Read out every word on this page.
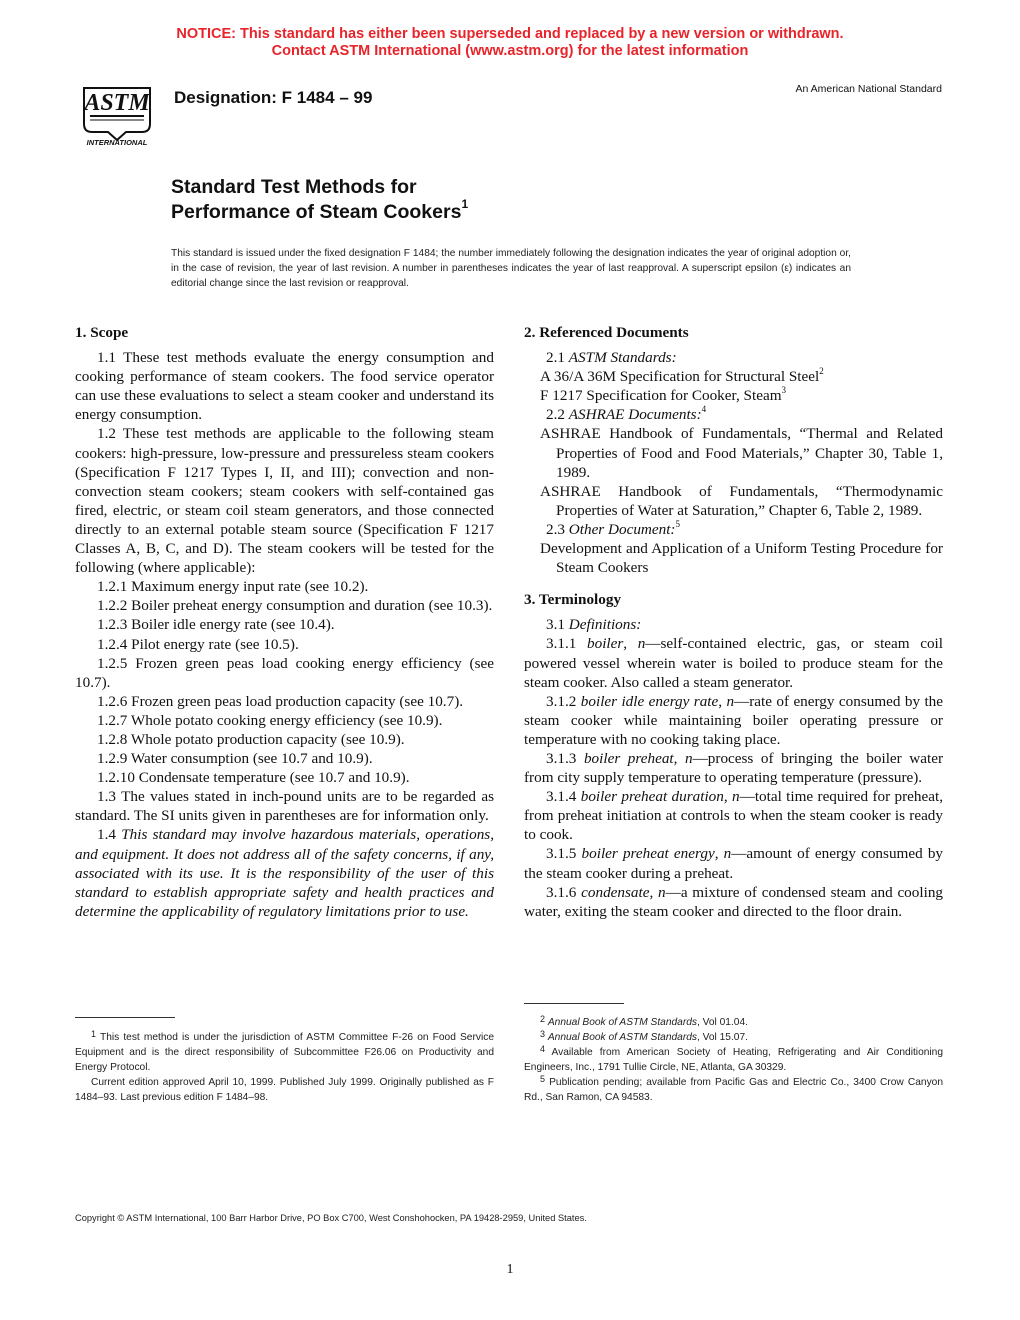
NOTICE: This standard has either been superseded and replaced by a new version or withdrawn.
Contact ASTM International (www.astm.org) for the latest information
ASTM
INTERNATIONAL
Designation: F 1484 – 99	An American National Standard
Standard Test Methods for
Performance of Steam Cookers$^1$
This standard is issued under the fixed designation F 1484; the number immediately following the designation indicates the year of original adoption or, in the case of revision, the year of last revision. A number in parentheses indicates the year of last reapproval. A superscript epsilon (ε) indicates an editorial change since the last revision or reapproval.

1. Scope

1.1 These test methods evaluate the energy consumption and cooking performance of steam cookers. The food service operator can use these evaluations to select a steam cooker and understand its energy consumption.

1.2 These test methods are applicable to the following steam cookers: high-pressure, low-pressure and pressureless steam cookers (Specification F 1217 Types I, II, and III); convection and non-convection steam cookers; steam cookers with self-contained gas fired, electric, or steam coil steam generators, and those connected directly to an external potable steam source (Specification F 1217 Classes A, B, C, and D). The steam cookers will be tested for the following (where applicable):

1.2.1 Maximum energy input rate (see 10.2).

1.2.2 Boiler preheat energy consumption and duration (see 10.3).

1.2.3 Boiler idle energy rate (see 10.4).

1.2.4 Pilot energy rate (see 10.5).

1.2.5 Frozen green peas load cooking energy efficiency (see 10.7).

1.2.6 Frozen green peas load production capacity (see 10.7).

1.2.7 Whole potato cooking energy efficiency (see 10.9).

1.2.8 Whole potato production capacity (see 10.9).

1.2.9 Water consumption (see 10.7 and 10.9).

1.2.10 Condensate temperature (see 10.7 and 10.9).

1.3 The values stated in inch-pound units are to be regarded as standard. The SI units given in parentheses are for information only.

1.4 This standard may involve hazardous materials, operations, and equipment. It does not address all of the safety concerns, if any, associated with its use. It is the responsibility of the user of this standard to establish appropriate safety and health practices and determine the applicability of regulatory limitations prior to use.

2. Referenced Documents

2.1 ASTM Standards:

A 36/A 36M Specification for Structural Steel$^2$

F 1217 Specification for Cooker, Steam$^3$

2.2 ASHRAE Documents:$^4$

ASHRAE Handbook of Fundamentals, “Thermal and Related Properties of Food and Food Materials,” Chapter 30, Table 1, 1989.

ASHRAE Handbook of Fundamentals, “Thermodynamic Properties of Water at Saturation,” Chapter 6, Table 2, 1989.

2.3 Other Document:$^5$

Development and Application of a Uniform Testing Procedure for Steam Cookers

3. Terminology

3.1 Definitions:

3.1.1 boiler, n—self-contained electric, gas, or steam coil powered vessel wherein water is boiled to produce steam for the steam cooker. Also called a steam generator.

3.1.2 boiler idle energy rate, n—rate of energy consumed by the steam cooker while maintaining boiler operating pressure or temperature with no cooking taking place.

3.1.3 boiler preheat, n—process of bringing the boiler water from city supply temperature to operating temperature (pressure).

3.1.4 boiler preheat duration, n—total time required for preheat, from preheat initiation at controls to when the steam cooker is ready to cook.

3.1.5 boiler preheat energy, n—amount of energy consumed by the steam cooker during a preheat.

3.1.6 condensate, n—a mixture of condensed steam and cooling water, exiting the steam cooker and directed to the floor drain.

$^1$ This test method is under the jurisdiction of ASTM Committee F-26 on Food Service Equipment and is the direct responsibility of Subcommittee F26.06 on Productivity and Energy Protocol.

Current edition approved April 10, 1999. Published July 1999. Originally published as F 1484–93. Last previous edition F 1484–98.

$^2$ Annual Book of ASTM Standards, Vol 01.04.

$^3$ Annual Book of ASTM Standards, Vol 15.07.

$^4$ Available from American Society of Heating, Refrigerating and Air Conditioning Engineers, Inc., 1791 Tullie Circle, NE, Atlanta, GA 30329.

$^5$ Publication pending; available from Pacific Gas and Electric Co., 3400 Crow Canyon Rd., San Ramon, CA 94583.

Copyright © ASTM International, 100 Barr Harbor Drive, PO Box C700, West Conshohocken, PA 19428-2959, United States.
1
